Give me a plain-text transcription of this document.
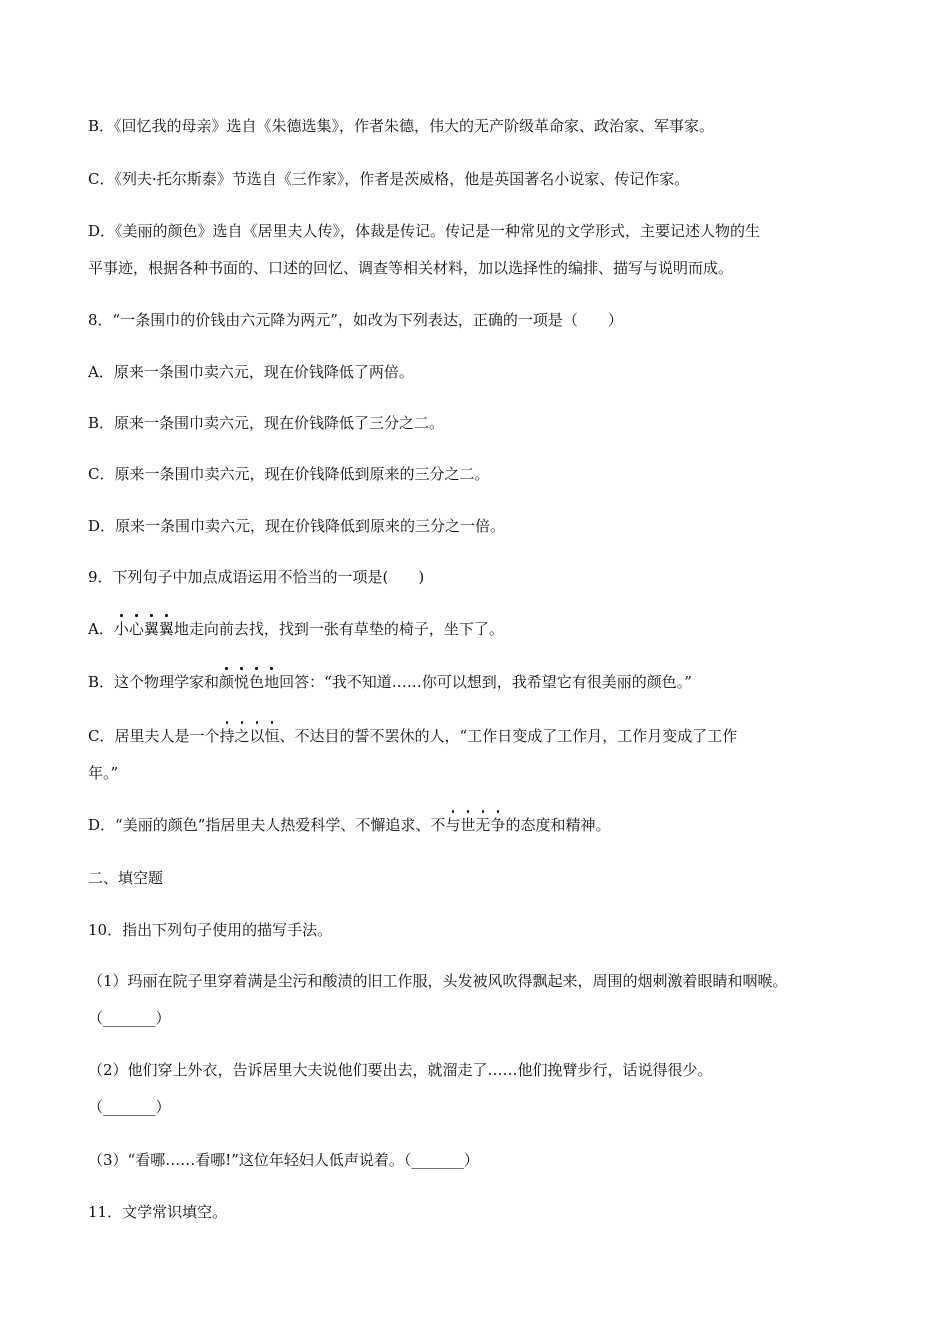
B．《回忆我的母亲》选自《朱德选集》，作者朱德，伟大的无产阶级革命家、政治家、军事家。
C．《列夫·托尔斯泰》节选自《三作家》，作者是茨威格，他是英国著名小说家、传记作家。
D．《美丽的颜色》选自《居里夫人传》，体裁是传记。传记是一种常见的文学形式，主要记述人物的生
平事迹，根据各种书面的、口述的回忆、调查等相关材料，加以选择性的编排、描写与说明而成。
8．“一条围巾的价钱由六元降为两元”，如改为下列表达，正确的一项是（　　）
A．原来一条围巾卖六元，现在价钱降低了两倍。
B．原来一条围巾卖六元，现在价钱降低了三分之二。
C．原来一条围巾卖六元，现在价钱降低到原来的三分之二。
D．原来一条围巾卖六元，现在价钱降低到原来的三分之一倍。
9．下列句子中加点成语运用不恰当的一项是(　　)
A．小心翼翼地走向前去找，找到一张有草垫的椅子，坐下了。
B．这个物理学家和颜悦色地回答：“我不知道……你可以想到，我希望它有很美丽的颜色。”
C．居里夫人是一个持之以恒、不达目的誓不罢休的人，“工作日变成了工作月，工作月变成了工作
年。”
D．“美丽的颜色”指居里夫人热爱科学、不懈追求、不与世无争的态度和精神。
二、填空题
10．指出下列句子使用的描写手法。
（1）玛丽在院子里穿着满是尘污和酸渍的旧工作服，头发被风吹得飘起来，周围的烟刺激着眼睛和咽喉。
（_______）
（2）他们穿上外衣，告诉居里大夫说他们要出去，就溜走了……他们挽臂步行，话说得很少。
（_______）
（3）“看哪……看哪!”这位年轻妇人低声说着。（_______）
11．文学常识填空。
